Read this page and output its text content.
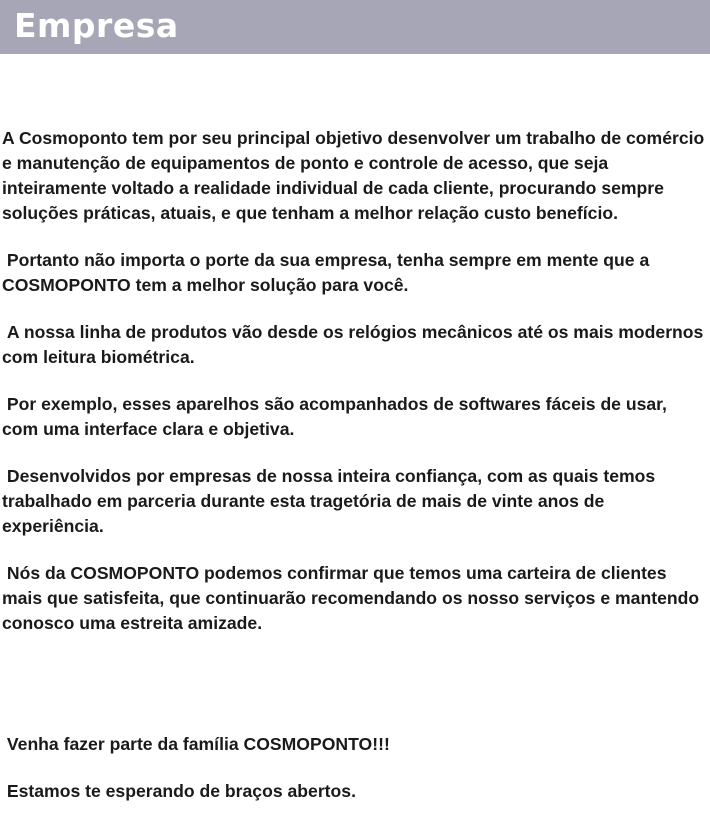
Empresa

A Cosmoponto tem por seu principal objetivo desenvolver um trabalho de comércio e manutenção de equipamentos de ponto e controle de acesso, que seja inteiramente voltado a realidade individual de cada cliente, procurando sempre soluções práticas, atuais, e que tenham a melhor relação custo benefício.

Portanto não importa o porte da sua empresa, tenha sempre em mente que a COSMOPONTO tem a melhor solução para você.

A nossa linha de produtos vão desde os relógios mecânicos até os mais modernos com leitura biométrica.

Por exemplo, esses aparelhos são acompanhados de softwares fáceis de usar, com uma interface clara e objetiva.

Desenvolvidos por empresas de nossa inteira confiança, com as quais temos trabalhado em parceria durante esta tragetória de mais de vinte anos de experiência.

Nós da COSMOPONTO podemos confirmar que temos uma carteira de clientes mais que satisfeita, que continuarão recomendando os nosso serviços e mantendo conosco uma estreita amizade.

Venha fazer parte da família COSMOPONTO!!!

Estamos te esperando de braços abertos.
